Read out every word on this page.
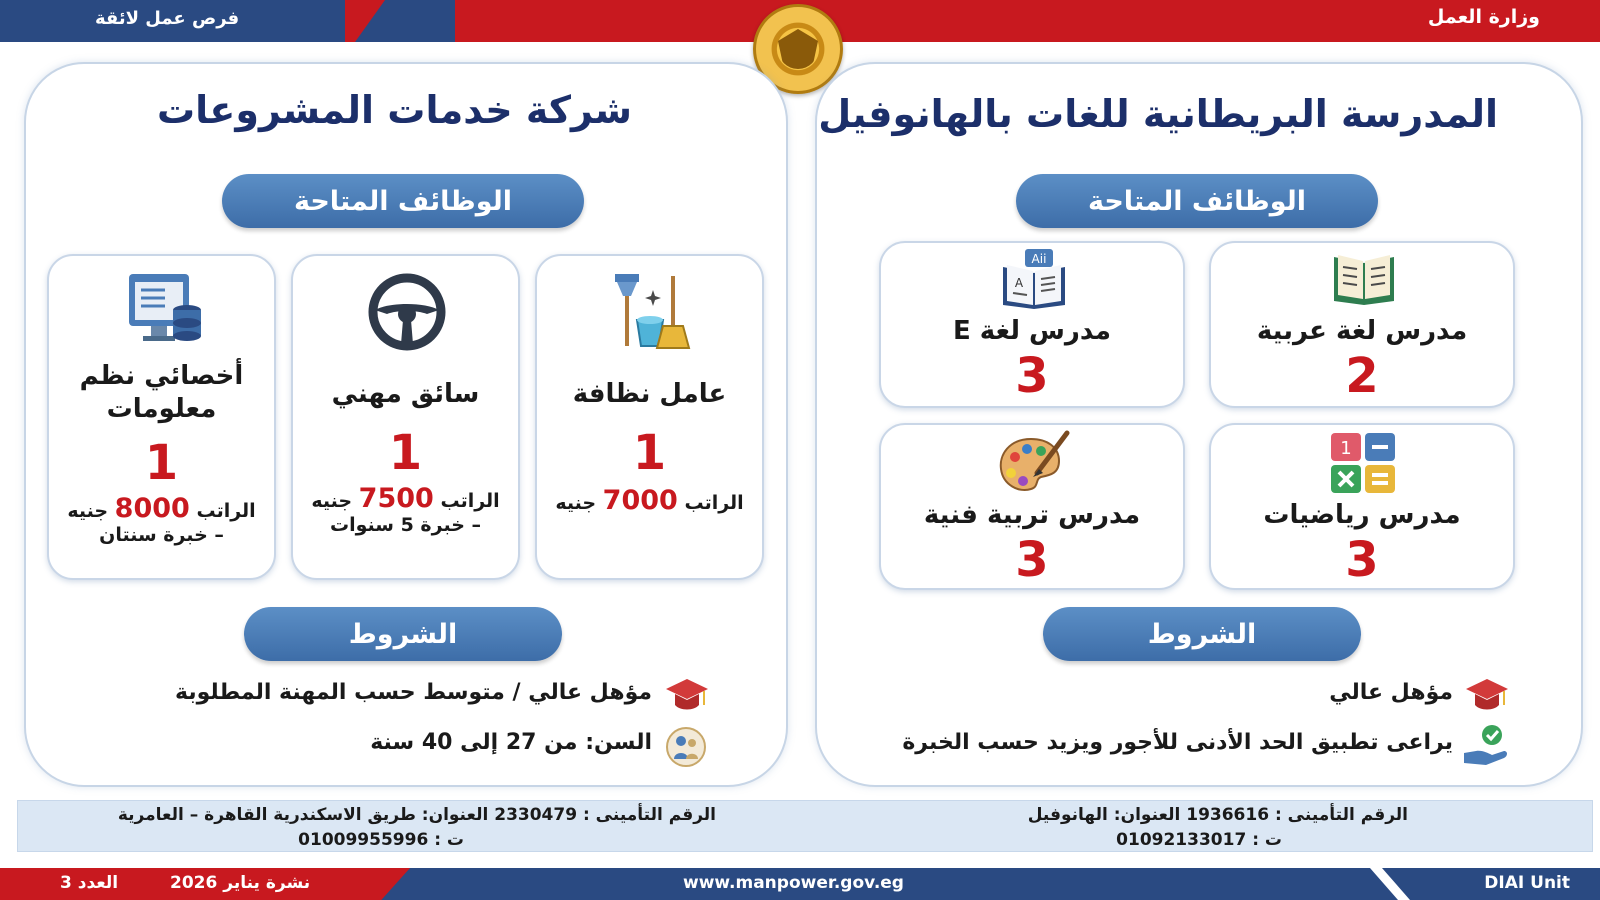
وزارة العمل
فرص عمل لائقة
المدرسة البريطانية للغات بالهانوفيل
الوظائف المتاحة
مدرس لغة عربية
2
Aii
A
مدرس لغة E
3
1
مدرس رياضيات
3
مدرس تربية فنية
3
الشروط
مؤهل عالي
يراعى تطبيق الحد الأدنى للأجور ويزيد حسب الخبرة
شركة خدمات المشروعات
الوظائف المتاحة
عامل نظافة
1
الراتب 7000 جنيه
سائق مهني
1
الراتب 7500 جنيه
– خبرة 5 سنوات
أخصائي نظم معلومات
1
الراتب 8000 جنيه
– خبرة سنتان
الشروط
مؤهل عالي / متوسط حسب المهنة المطلوبة
السن: من 27 إلى 40 سنة
الرقم التأمينى : 1936616 العنوان: الهانوفيل
ت : 01092133017
الرقم التأمينى : 2330479 العنوان: طريق الاسكندرية القاهرة – العامرية
ت : 01009955996
العدد 3	نشرة يناير 2026	www.manpower.gov.eg	DIAI Unit
